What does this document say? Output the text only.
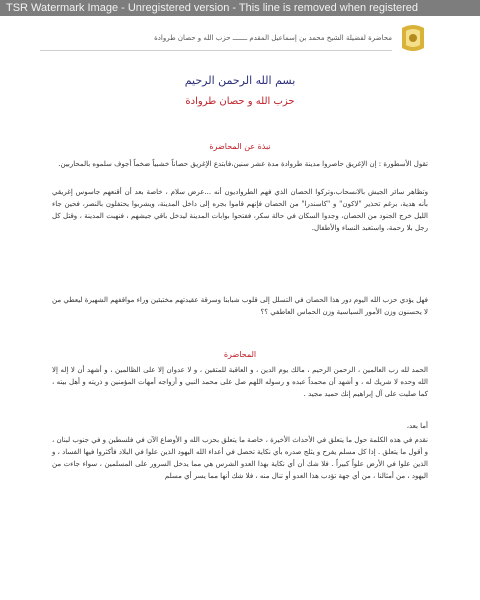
TSR Watermark Image - Unregistered version - This line is removed when registered
محاضرة لفضيلة الشيخ محمد بن إسماعيل المقدم ـــــــ حزب الله و حصان طروادة
بسم الله الرحمن الرحيم
حزب الله و حصان طروادة
نبذة عن المحاضرة
تقول الأسطورة : إن الإغريق حاصروا مدينة طروادة مدة عشر سنين،فابتدع الإغريق حصاناً خشبياً ضخماً أجوف سلموه بالمحاربين.
وتظاهر سائر الجيش بالانسحاب،وتركوا الحصان الذي فهم الطرواديون أنه ...عرض سلام ، خاصة بعد أن أقنعهم جاسوس إغريقي بأنه هدية، برغم تحذير "لاكون" و "كاسندرا" من الحصان فإنهم قاموا بجره إلى داخل المدينة، ويشربوا يحتفلون بالنصر، فحين جاء الليل خرج الجنود من الحصان، وجدوا السكان في حالة سكر، ففتحوا بوابات المدينة ليدخل باقي جيشهم ، فنهبت المدينة ، وقتل كل رجل بلا رحمة، واستعبد النساء والأطفال.
فهل يؤدي حزب الله اليوم دور هذا الحصان في التسلل إلى قلوب شبابنا وسرقة عقيدتهم مختبئين وراء مواقفهم الشهيرة ليعطي من لا يحسنون وزن الأمور السياسية وزن الحماس العاطفي ؟؟
المحاضرة
الحمد لله رب العالمين ، الرحمن الرحيم ، مالك يوم الدين ، و العاقبة للمتقين ، و لا عدوان إلا على الظالمين ، و أشهد أن لا إله إلا الله وحده لا شريك له ، و أشهد أن محمداً عبده و رسوله اللهم صل على محمد النبي و أزواجه أمهات المؤمنين و ذريته و أهل بيته ، كما صليت على آل إبراهيم إنك حميد مجيد .
أما بعد،
نقدم في هذه الكلمة حول ما يتعلق في الأحداث الأخيرة ، خاصة ما يتعلق بحزب الله و الأوضاع الآن في فلسطين و في جنوب لبنان ، و أقول ما يتعلق . إذا كل مسلم يفرح و يثلج صدره بأي نكاية تحصل في أعداء الله اليهود الذين علوا في البلاد فأكثروا فيها الفساد ، و الذين علوا في الأرض علواً كبيراً . فلا شك أن أي نكاية بهذا العدو الشرس هي مما يدخل السرور على المسلمين ، سواء جاءت من اليهود ، من أمثالنا ، من أي جهة تؤدب هذا العدو أو تنال منه ، فلا شك أنها مما يسر أي مسلم
